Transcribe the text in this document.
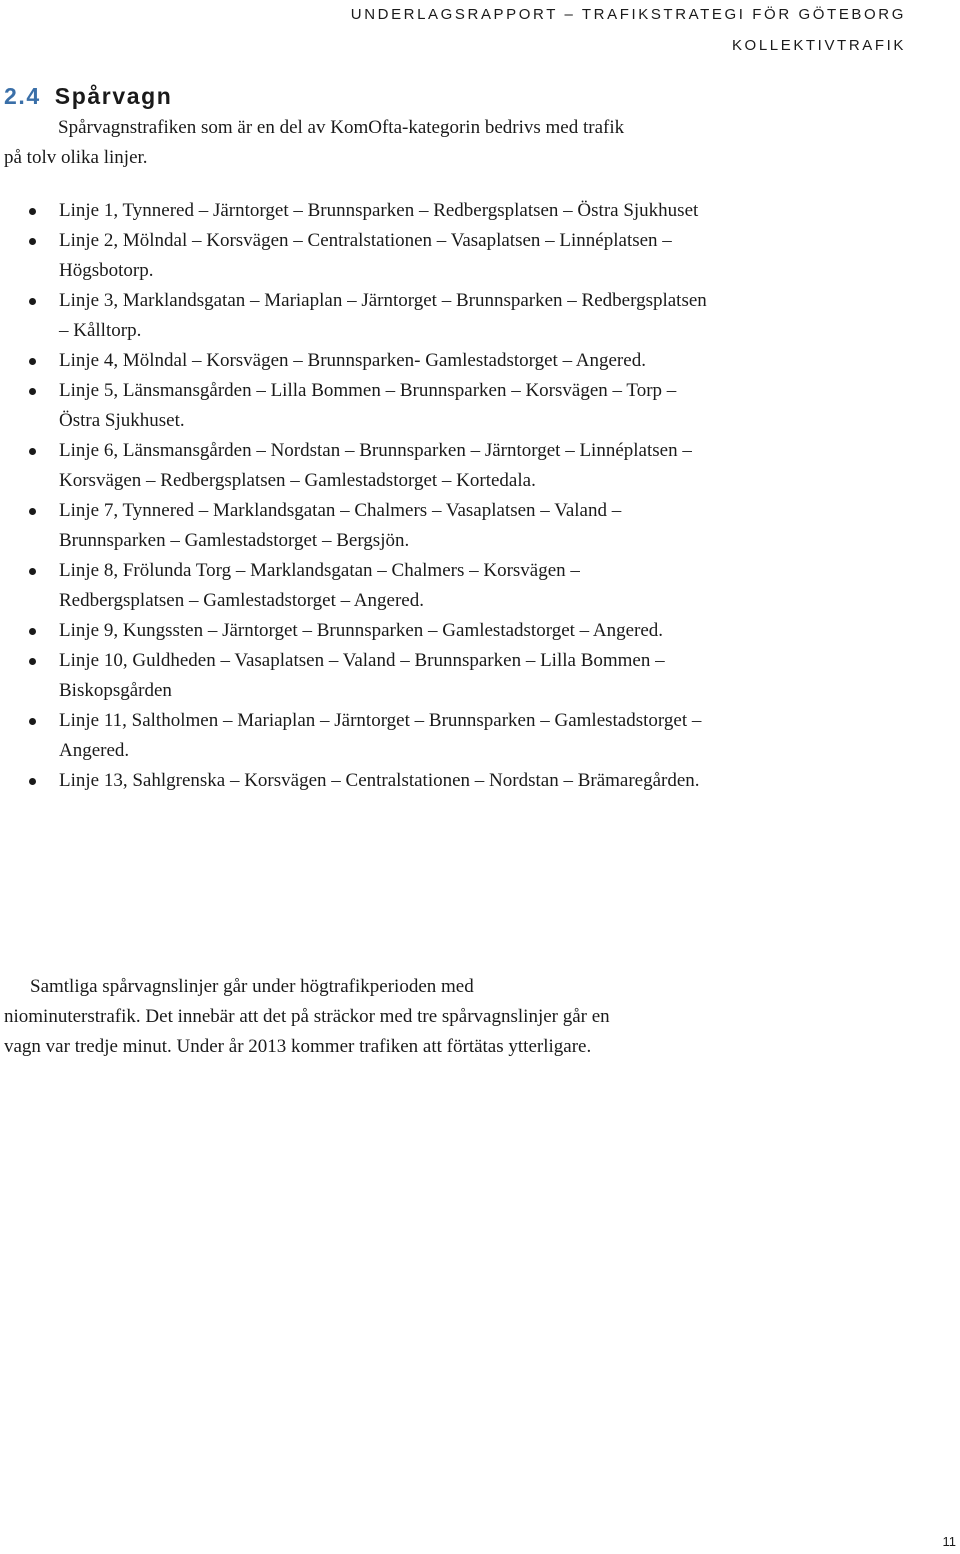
UNDERLAGSRAPPORT – TRAFIKSTRATEGI FÖR GÖTEBORG
KOLLEKTIVTRAFIK
2.4 Spårvagn

Spårvagnstrafiken som är en del av KomOfta-kategorin bedrivs med trafik
på tolv olika linjer.

Linje 1, Tynnered – Järntorget – Brunnsparken – Redbergsplatsen – Östra Sjukhuset
Linje 2, Mölndal – Korsvägen – Centralstationen – Vasaplatsen – Linnéplatsen – Högsbotorp.
Linje 3, Marklandsgatan – Mariaplan – Järntorget – Brunnsparken – Redbergsplatsen – Kålltorp.
Linje 4, Mölndal – Korsvägen – Brunnsparken- Gamlestadstorget – Angered.
Linje 5, Länsmansgården – Lilla Bommen – Brunnsparken – Korsvägen – Torp – Östra Sjukhuset.
Linje 6, Länsmansgården – Nordstan – Brunnsparken – Järntorget – Linnéplatsen – Korsvägen – Redbergsplatsen – Gamlestadstorget – Kortedala.
Linje 7, Tynnered – Marklandsgatan – Chalmers – Vasaplatsen – Valand – Brunnsparken – Gamlestadstorget – Bergsjön.
Linje 8, Frölunda Torg – Marklandsgatan – Chalmers – Korsvägen – Redbergsplatsen – Gamlestadstorget – Angered.
Linje 9, Kungssten – Järntorget – Brunnsparken – Gamlestadstorget – Angered.
Linje 10, Guldheden – Vasaplatsen – Valand – Brunnsparken – Lilla Bommen – Biskopsgården
Linje 11, Saltholmen – Mariaplan – Järntorget – Brunnsparken – Gamlestadstorget – Angered.
Linje 13, Sahlgrenska – Korsvägen – Centralstationen – Nordstan – Brämaregården.

Samtliga spårvagnslinjer går under högtrafikperioden med
niominuterstrafik. Det innebär att det på sträckor med tre spårvagnslinjer går en
vagn var tredje minut. Under år 2013 kommer trafiken att förtätas ytterligare.

11
